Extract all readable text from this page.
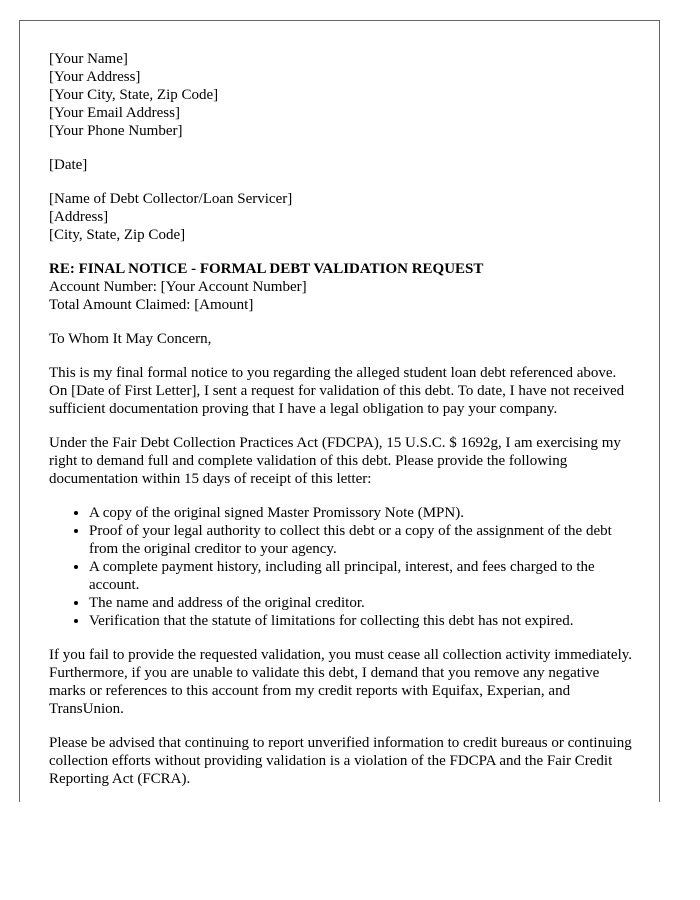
[Your Name]
[Your Address]
[Your City, State, Zip Code]
[Your Email Address]
[Your Phone Number]
[Date]
[Name of Debt Collector/Loan Servicer]
[Address]
[City, State, Zip Code]
RE: FINAL NOTICE - FORMAL DEBT VALIDATION REQUEST
Account Number: [Your Account Number]
Total Amount Claimed: [Amount]

To Whom It May Concern,

This is my final formal notice to you regarding the alleged student loan debt referenced above. On [Date of First Letter], I sent a request for validation of this debt. To date, I have not received sufficient documentation proving that I have a legal obligation to pay your company.

Under the Fair Debt Collection Practices Act (FDCPA), 15 U.S.C. $ 1692g, I am exercising my right to demand full and complete validation of this debt. Please provide the following documentation within 15 days of receipt of this letter:

• A copy of the original signed Master Promissory Note (MPN).
• Proof of your legal authority to collect this debt or a copy of the assignment of the debt from the original creditor to your agency.
• A complete payment history, including all principal, interest, and fees charged to the account.
• The name and address of the original creditor.
• Verification that the statute of limitations for collecting this debt has not expired.

If you fail to provide the requested validation, you must cease all collection activity immediately. Furthermore, if you are unable to validate this debt, I demand that you remove any negative marks or references to this account from my credit reports with Equifax, Experian, and TransUnion.

Please be advised that continuing to report unverified information to credit bureaus or continuing collection efforts without providing validation is a violation of the FDCPA and the Fair Credit Reporting Act (FCRA).
